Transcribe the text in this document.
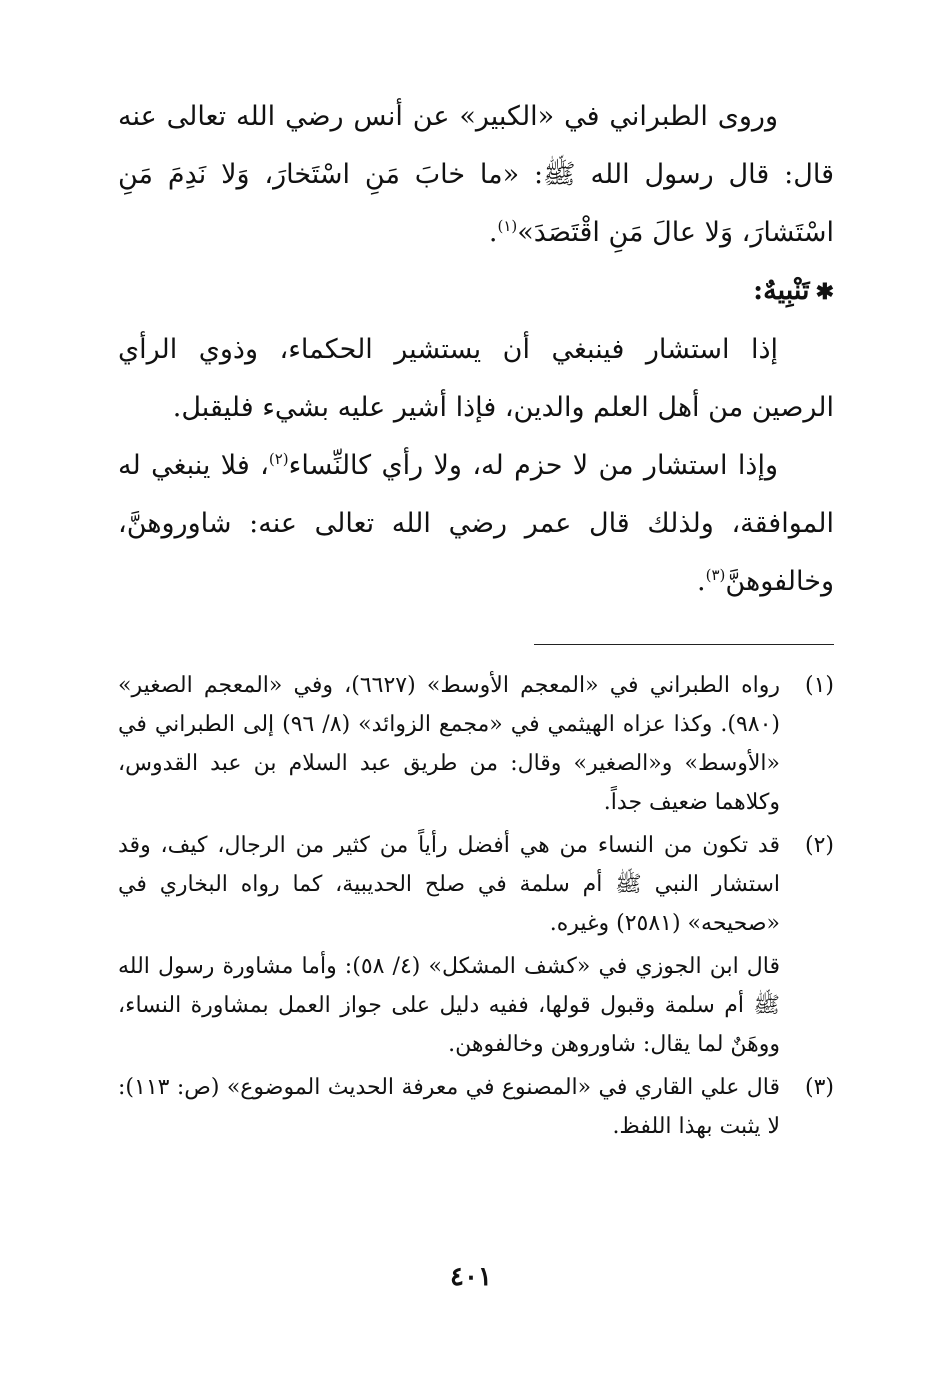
وروى الطبراني في «الكبير» عن أنس رضي الله تعالى عنه قال: قال رسول الله ﷺ: «ما خابَ مَنِ اسْتَخارَ، وَلا نَدِمَ مَنِ اسْتَشارَ، وَلا عالَ مَنِ اقْتَصَدَ»$^{(١)}$.

✱تَنْبِيهٌ:

إذا استشار فينبغي أن يستشير الحكماء، وذوي الرأي الرصين من أهل العلم والدين، فإذا أشير عليه بشيء فليقبل.

وإذا استشار من لا حزم له، ولا رأي كالنِّساء$^{(٢)}$، فلا ينبغي له الموافقة، ولذلك قال عمر رضي الله تعالى عنه: شاوروهنَّ، وخالفوهنَّ$^{(٣)}$.

(١)
رواه الطبراني في «المعجم الأوسط» (٦٦٢٧)، وفي «المعجم الصغير» (٩٨٠). وكذا عزاه الهيثمي في «مجمع الزوائد» (٨/ ٩٦) إلى الطبراني في «الأوسط» و«الصغير» وقال: من طريق عبد السلام بن عبد القدوس، وكلاهما ضعيف جداً.
(٢)
قد تكون من النساء من هي أفضل رأياً من كثير من الرجال، كيف، وقد استشار النبي ﷺ أم سلمة في صلح الحديبية، كما رواه البخاري في «صحيحه» (٢٥٨١) وغيره.
قال ابن الجوزي في «كشف المشكل» (٤/ ٥٨): وأما مشاورة رسول الله ﷺ أم سلمة وقبول قولها، ففيه دليل على جواز العمل بمشاورة النساء، ووهَنٌ لما يقال: شاوروهن وخالفوهن.
(٣)
قال علي القاري في «المصنوع في معرفة الحديث الموضوع» (ص: ١١٣): لا يثبت بهذا اللفظ.
٤٠١
